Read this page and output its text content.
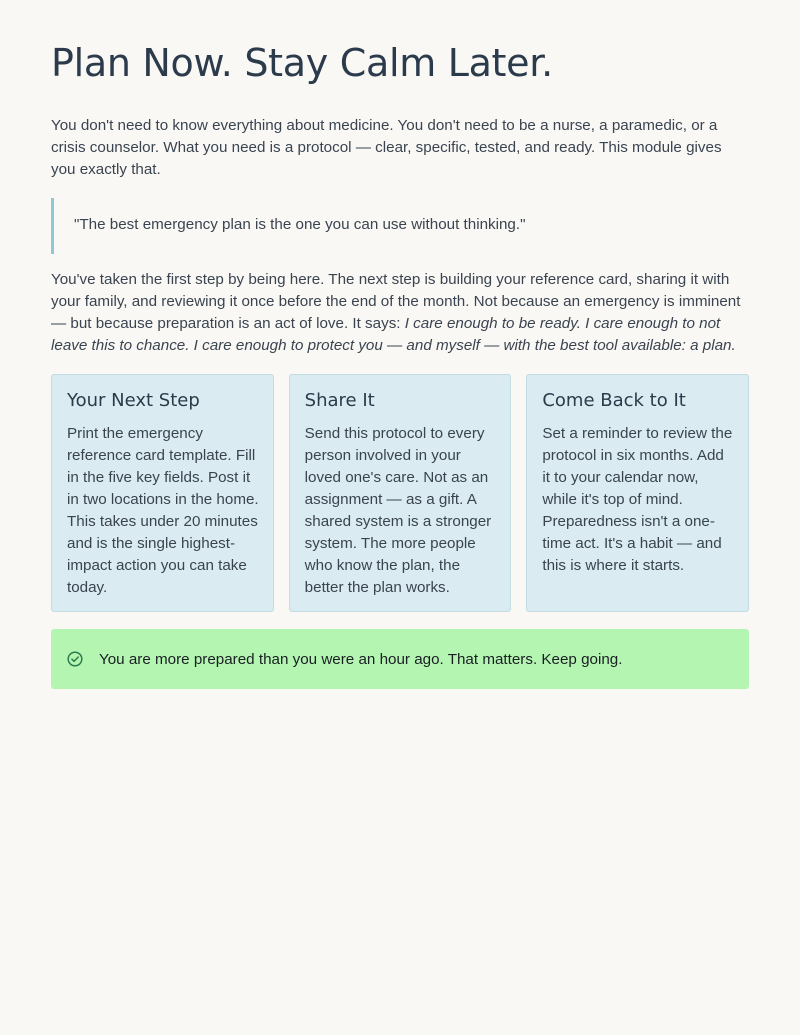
Plan Now. Stay Calm Later.

You don't need to know everything about medicine. You don't need to be a nurse, a paramedic, or a crisis counselor. What you need is a protocol — clear, specific, tested, and ready. This module gives you exactly that.

"The best emergency plan is the one you can use without thinking."

You've taken the first step by being here. The next step is building your reference card, sharing it with your family, and reviewing it once before the end of the month. Not because an emergency is imminent — but because preparation is an act of love. It says: I care enough to be ready. I care enough to not leave this to chance. I care enough to protect you — and myself — with the best tool available: a plan.

Your Next Step

Print the emergency reference card template. Fill in the five key fields. Post it in two locations in the home. This takes under 20 minutes and is the single highest-impact action you can take today.

Share It

Send this protocol to every person involved in your loved one's care. Not as an assignment — as a gift. A shared system is a stronger system. The more people who know the plan, the better the plan works.

Come Back to It

Set a reminder to review the protocol in six months. Add it to your calendar now, while it's top of mind. Preparedness isn't a one-time act. It's a habit — and this is where it starts.

You are more prepared than you were an hour ago. That matters. Keep going.
